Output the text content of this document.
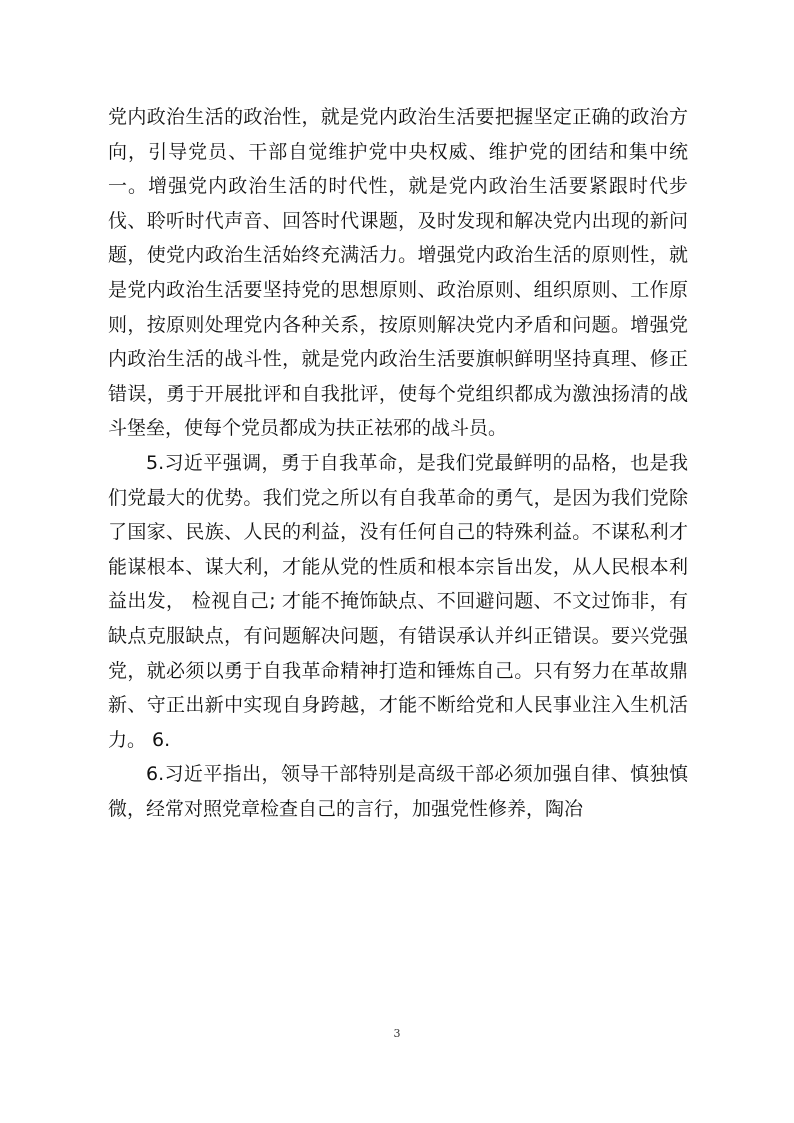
党内政治生活的政治性，就是党内政治生活要把握坚定正确的政治方向，引导党员、干部自觉维护党中央权威、维护党的团结和集中统一。增强党内政治生活的时代性，就是党内政治生活要紧跟时代步伐、聆听时代声音、回答时代课题，及时发现和解决党内出现的新问题，使党内政治生活始终充满活力。增强党内政治生活的原则性，就是党内政治生活要坚持党的思想原则、政治原则、组织原则、工作原则，按原则处理党内各种关系，按原则解决党内矛盾和问题。增强党内政治生活的战斗性，就是党内政治生活要旗帜鲜明坚持真理、修正错误，勇于开展批评和自我批评，使每个党组织都成为激浊扬清的战斗堡垒，使每个党员都成为扶正祛邪的战斗员。

5.习近平强调，勇于自我革命，是我们党最鲜明的品格，也是我们党最大的优势。我们党之所以有自我革命的勇气，是因为我们党除了国家、民族、人民的利益，没有任何自己的特殊利益。不谋私利才能谋根本、谋大利，才能从党的性质和根本宗旨出发，从人民根本利益出发， 检视自己; 才能不掩饰缺点、不回避问题、不文过饰非，有缺点克服缺点，有问题解决问题，有错误承认并纠正错误。要兴党强党，就必须以勇于自我革命精神打造和锤炼自己。只有努力在革故鼎新、守正出新中实现自身跨越，才能不断给党和人民事业注入生机活力。 6.

6.习近平指出，领导干部特别是高级干部必须加强自律、慎独慎微，经常对照党章检查自己的言行，加强党性修养，陶冶

3
